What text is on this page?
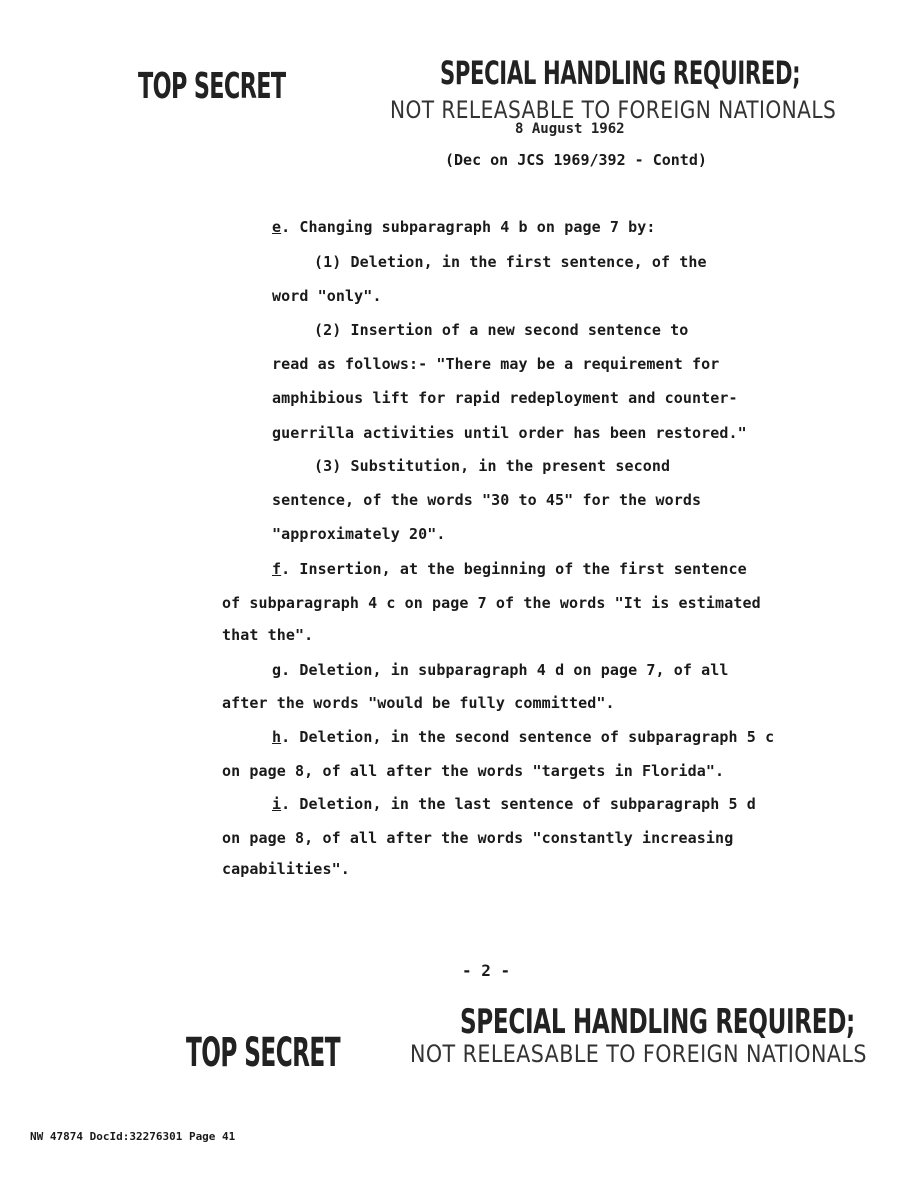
TOP SECRET	SPECIAL HANDLING REQUIRED;
NOT RELEASABLE TO FOREIGN NATIONALS
8 August 1962
(Dec on JCS 1969/392 - Contd)
e. Changing subparagraph 4 b on page 7 by:
(1) Deletion, in the first sentence, of the
word "only".
(2) Insertion of a new second sentence to
read as follows:- "There may be a requirement for
amphibious lift for rapid redeployment and counter-
guerrilla activities until order has been restored."
(3) Substitution, in the present second
sentence, of the words "30 to 45" for the words
"approximately 20".
f. Insertion, at the beginning of the first sentence
of subparagraph 4 c on page 7 of the words "It is estimated
that the".
g. Deletion, in subparagraph 4 d on page 7, of all
after the words "would be fully committed".
h. Deletion, in the second sentence of subparagraph 5 c
on page 8, of all after the words "targets in Florida".
i. Deletion, in the last sentence of subparagraph 5 d
on page 8, of all after the words "constantly increasing
capabilities".
- 2 -
TOP SECRET
SPECIAL HANDLING REQUIRED;
NOT RELEASABLE TO FOREIGN NATIONALS
NW 47874 DocId:32276301 Page 41
